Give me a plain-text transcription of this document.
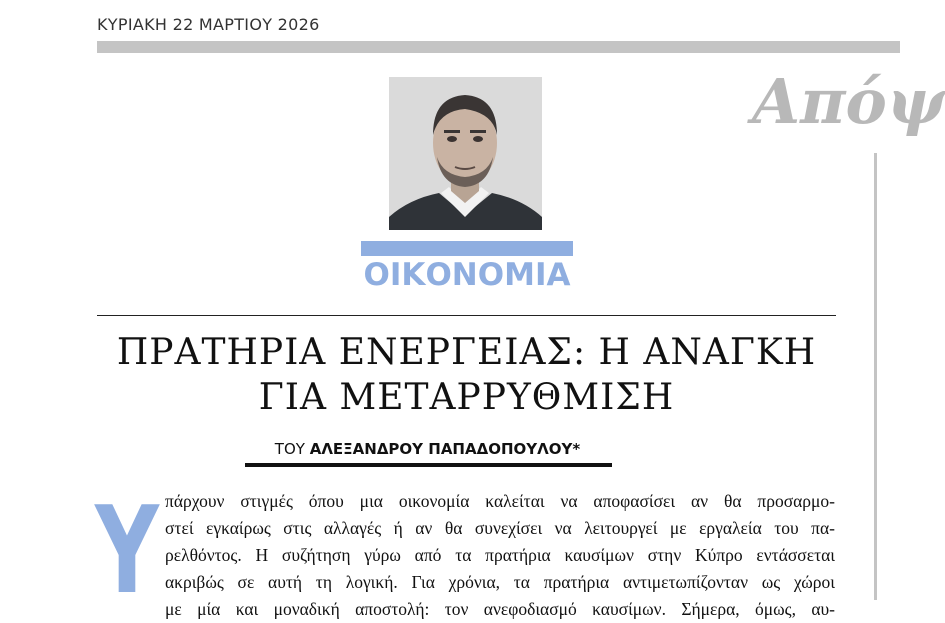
ΚΥΡΙΑΚΗ 22 ΜΑΡΤΙΟΥ 2026
Απόψ
ΟΙΚΟΝΟΜΙΑ
ΠΡΑΤΗΡΙΑ ΕΝΕΡΓΕΙΑΣ: Η ΑΝΑΓΚΗ
ΓΙΑ ΜΕΤΑΡΡΥΘΜΙΣΗ
ΤΟΥ ΑΛΕΞΑΝΔΡΟΥ ΠΑΠΑΔΟΠΟΥΛΟΥ*
Υ πάρχουν στιγμές όπου μια οικονομία καλείται να αποφασίσει αν θα προσαρμο-
στεί εγκαίρως στις αλλαγές ή αν θα συνεχίσει να λειτουργεί με εργαλεία του πα-
ρελθόντος. Η συζήτηση γύρω από τα πρατήρια καυσίμων στην Κύπρο εντάσσεται
ακριβώς σε αυτή τη λογική. Για χρόνια, τα πρατήρια αντιμετωπίζονταν ως χώροι
με μία και μοναδική αποστολή: τον ανεφοδιασμό καυσίμων. Σήμερα, όμως, αυ-
